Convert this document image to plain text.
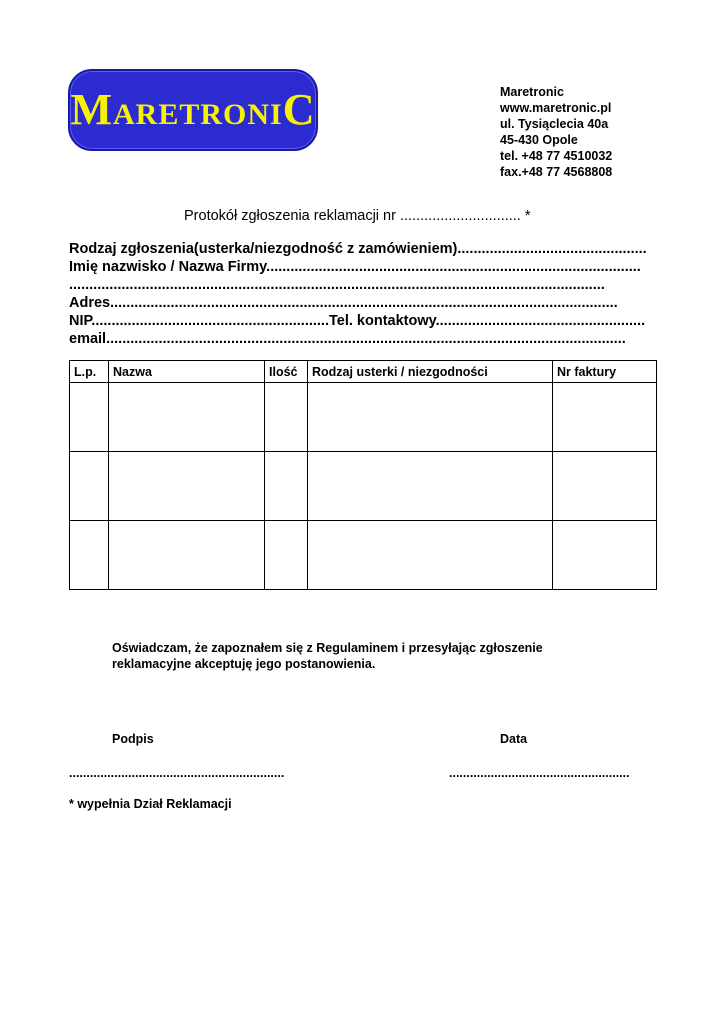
M ARETRONI C	Maretronic
www.maretronic.pl
ul. Tysiąclecia 40a
45-430 Opole
tel. +48 77 4510032
fax.+48 77 4568808
Protokół zgłoszenia reklamacji nr .............................. *
Rodzaj zgłoszenia(usterka/niezgodność z zamówieniem)...............................................
Imię nazwisko / Nazwa Firmy.............................................................................................
.....................................................................................................................................
Adres..............................................................................................................................
NIP...........................................................Tel. kontaktowy....................................................
email.................................................................................................................................
L.p.	Nazwa	Ilość	Rodzaj usterki / niezgodności	Nr faktury

Oświadczam, że zapoznałem się z Regulaminem i przesyłając zgłoszenie reklamacyjne akceptuję jego postanowienia.
Podpis	Data
..............................................................	....................................................
* wypełnia Dział Reklamacji
